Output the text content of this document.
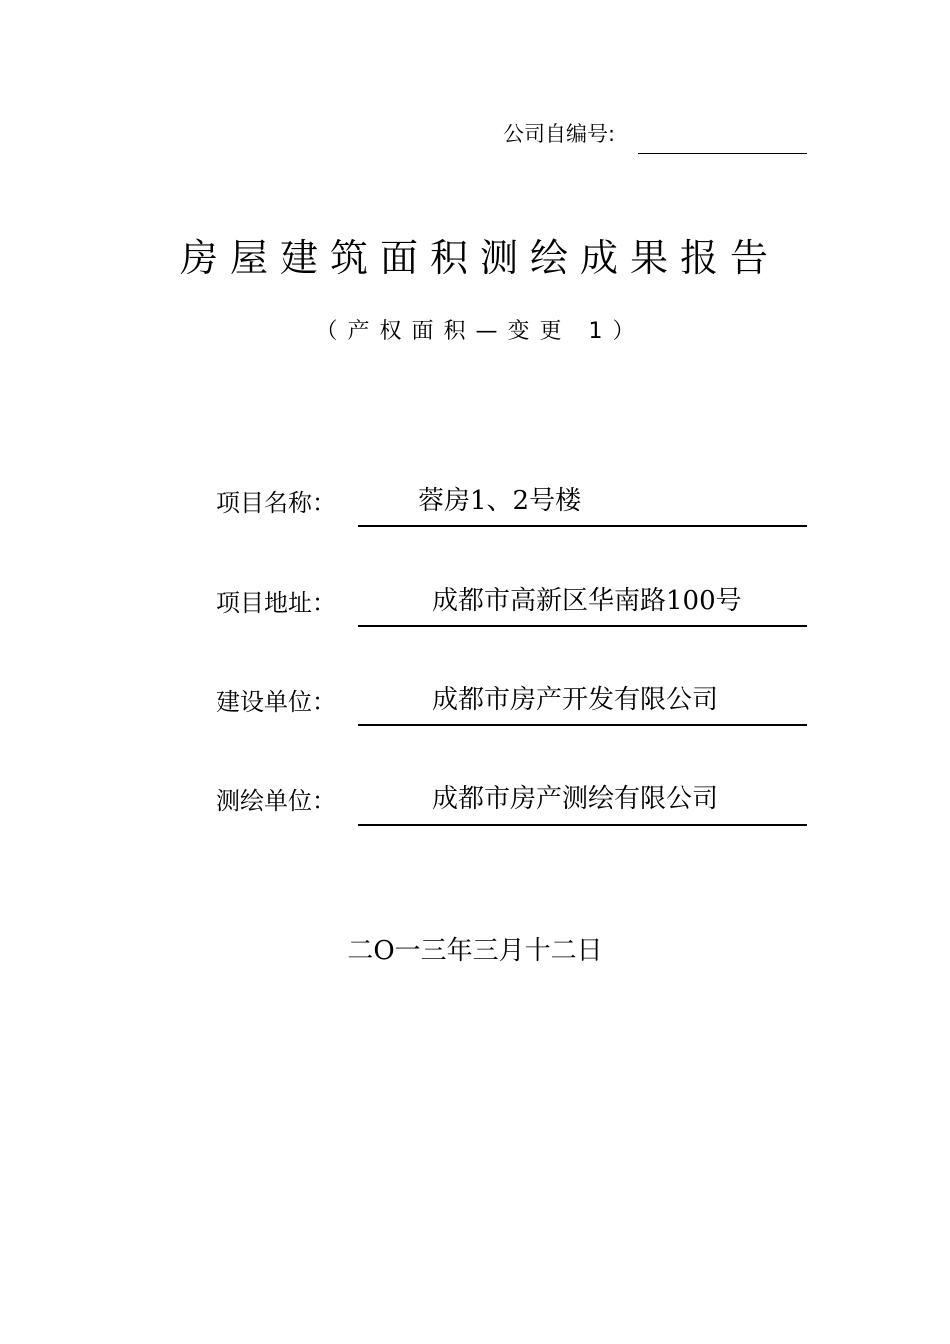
公司自编号:
房屋建筑面积测绘成果报告
（产权面积—变更 1）
项目名称：	蓉房1、2号楼
项目地址：	成都市高新区华南路100号
建设单位：	成都市房产开发有限公司
测绘单位：	成都市房产测绘有限公司
二O一三年三月十二日
